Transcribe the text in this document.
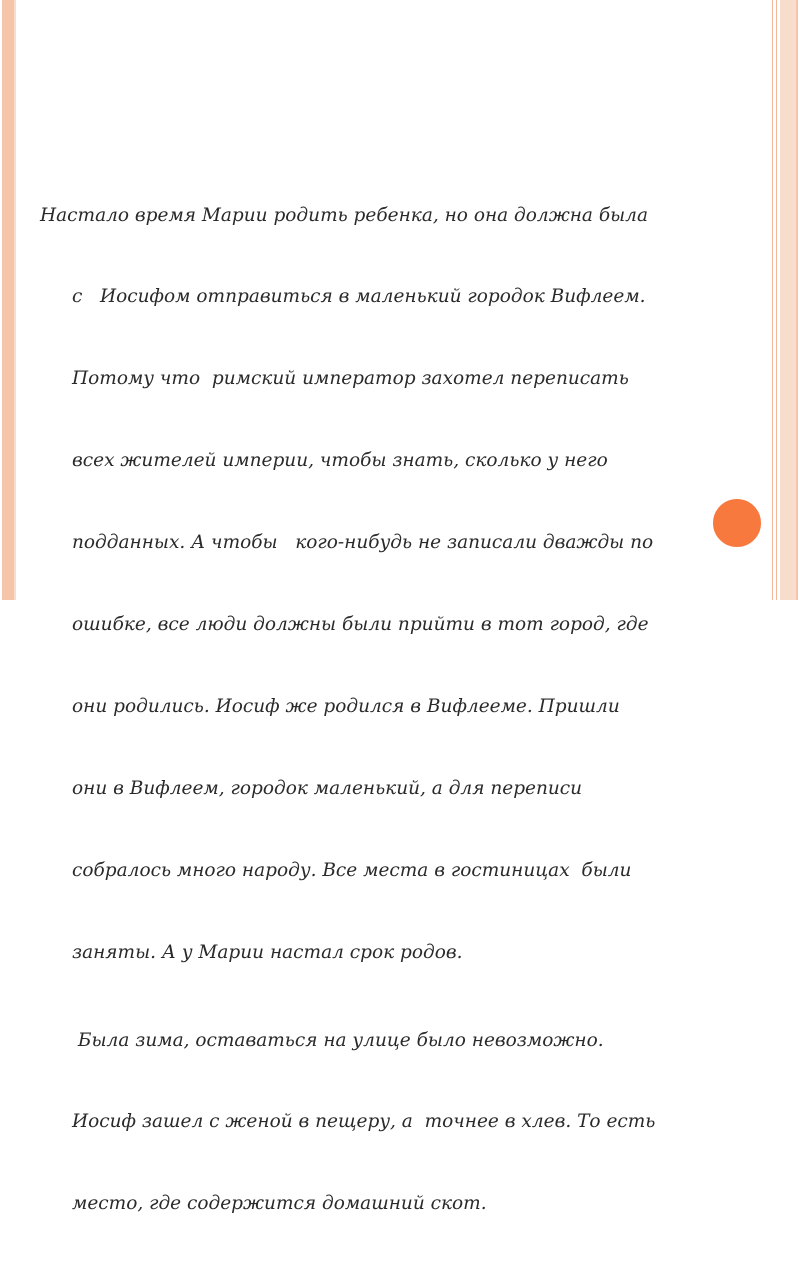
Настало время Марии родить ребенка, но она должна была

с   Иосифом отправиться в маленький городок Вифлеем.

Потому что  римский император захотел переписать

всех жителей империи, чтобы знать, сколько у него

подданных. А чтобы   кого-нибудь не записали дважды по

ошибке, все люди должны были прийти в тот город, где

они родились. Иосиф же родился в Вифлееме. Пришли

они в Вифлеем, городок маленький, а для переписи

собралось много народу. Все места в гостиницах  были

заняты. А у Марии настал срок родов.

Была зима, оставаться на улице было невозможно.

Иосиф зашел с женой в пещеру, а  точнее в хлев. То есть

место, где содержится домашний скот.
